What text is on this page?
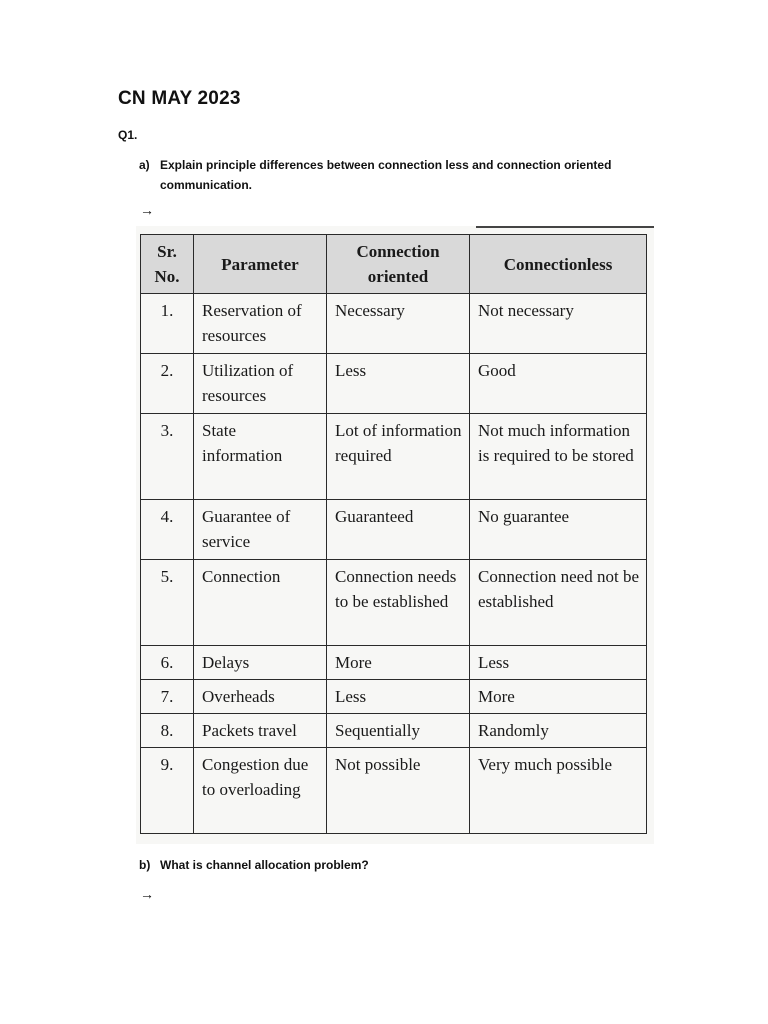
CN MAY 2023
Q1.
a) Explain principle differences between connection less and connection oriented communication.
→
Sr. No.	Parameter	Connection oriented	Connectionless
1.	Reservation of resources	Necessary	Not necessary
2.	Utilization of resources	Less	Good
3.	State information	Lot of information required	Not much information is required to be stored
4.	Guarantee of service	Guaranteed	No guarantee
5.	Connection	Connection needs to be established	Connection need not be established
6.	Delays	More	Less
7.	Overheads	Less	More
8.	Packets travel	Sequentially	Randomly
9.	Congestion due to overloading	Not possible	Very much possible
b) What is channel allocation problem?
→
